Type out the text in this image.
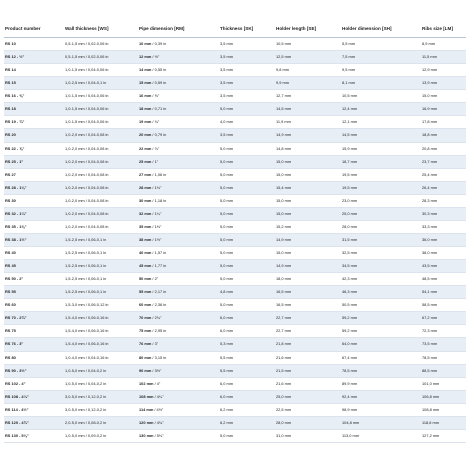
Product number	Wall thickness [WS]	Pipe dimension [RM]	Thickness [SK]	Holder length [SE]	Holder dimension [SH]	Ribs size [LM]
RS 10	0,5-1,5 mm / 0,02-0,06 in	10 mm / 0,39 in	3,5 mm	10,5 mm	5,5 mm	8,9 mm
RS 12 - ½"	0,5-1,5 mm / 0,02-0,06 in	12 mm / ½"	3,5 mm	12,5 mm	7,5 mm	11,5 mm
RS 14	1,0-1,5 mm / 0,04-0,06 in	14 mm / 0,55 in	3,5 mm	9,8 mm	9,5 mm	12,9 mm
RS 15	1,0-2,5 mm / 0,04-0,1 in	15 mm / 0,59 in	3,5 mm	9,9 mm	8,1 mm	13,9 mm
RS 16 - ⅝"	1,0-1,5 mm / 0,04-0,06 in	16 mm / ⅝"	3,5 mm	12,7 mm	10,5 mm	15,0 mm
RS 18	1,0-1,5 mm / 0,04-0,06 in	18 mm / 0,71 in	5,0 mm	14,5 mm	12,4 mm	16,9 mm
RS 19 - ¾"	1,0-1,5 mm / 0,04-0,06 in	19 mm / ¾"	4,0 mm	11,9 mm	12,1 mm	17,8 mm
RS 20	1,0-2,0 mm / 0,04-0,08 in	20 mm / 0,79 in	3,5 mm	14,9 mm	14,5 mm	18,8 mm
RS 22 - ⅞"	1,0-2,0 mm / 0,04-0,08 in	22 mm / ⅞"	5,0 mm	14,8 mm	15,9 mm	20,8 mm
RS 25 - 1"	1,0-2,0 mm / 0,04-0,08 in	25 mm / 1"	5,0 mm	15,0 mm	18,7 mm	23,7 mm
RS 27	1,0-2,0 mm / 0,04-0,08 in	27 mm / 1,06 in	5,0 mm	15,0 mm	19,5 mm	25,4 mm
RS 28 - 1⅛"	1,0-2,0 mm / 0,04-0,08 in	28 mm / 1⅛"	5,0 mm	15,4 mm	19,5 mm	26,4 mm
RS 30	1,0-2,0 mm / 0,04-0,08 in	30 mm / 1,18 in	5,0 mm	15,0 mm	23,0 mm	28,3 mm
RS 32 - 1¼"	1,0-2,0 mm / 0,04-0,08 in	32 mm / 1¼"	5,0 mm	15,0 mm	25,0 mm	30,3 mm
RS 35 - 1⅜"	1,0-2,0 mm / 0,04-0,08 in	35 mm / 1⅜"	5,0 mm	15,2 mm	28,0 mm	33,3 mm
RS 38 - 1½"	1,5-2,5 mm / 0,06-0,1 in	38 mm / 1½"	5,0 mm	14,9 mm	31,5 mm	36,0 mm
RS 40	1,5-2,5 mm / 0,06-0,1 in	40 mm / 1,57 in	5,0 mm	15,0 mm	32,5 mm	38,0 mm
RS 45	1,5-2,5 mm / 0,06-0,1 in	45 mm / 1,77 in	5,0 mm	14,9 mm	34,5 mm	43,5 mm
RS 50 - 2"	1,5-2,5 mm / 0,06-0,1 in	50 mm / 2"	5,0 mm	18,0 mm	42,3 mm	48,5 mm
RS 55	1,5-2,5 mm / 0,06-0,1 in	55 mm / 2,17 in	4,8 mm	16,5 mm	46,3 mm	54,1 mm
RS 60	1,5-3,0 mm / 0,06-0,12 in	60 mm / 2,36 in	5,0 mm	16,5 mm	50,5 mm	58,5 mm
RS 70 - 2¾"	1,5-4,0 mm / 0,06-0,16 in	70 mm / 2¾"	6,0 mm	22,7 mm	59,2 mm	67,2 mm
RS 75	1,5-4,0 mm / 0,06-0,16 in	75 mm / 2,95 in	6,0 mm	22,7 mm	59,2 mm	72,3 mm
RS 76 - 3"	1,5-4,0 mm / 0,06-0,16 in	76 mm / 3"	5,3 mm	21,8 mm	64,0 mm	73,5 mm
RS 80	1,0-4,0 mm / 0,04-0,16 in	80 mm / 3,15 in	5,5 mm	21,6 mm	67,4 mm	78,5 mm
RS 90 - 3½"	1,0-5,0 mm / 0,04-0,2 in	90 mm / 3½"	5,5 mm	21,5 mm	78,5 mm	88,5 mm
RS 102 - 4"	1,0-5,0 mm / 0,04-0,2 in	102 mm / 4"	6,0 mm	21,6 mm	89,9 mm	101,0 mm
RS 108 - 4¼"	3,0-5,0 mm / 0,12-0,2 in	108 mm / 4¼"	6,0 mm	25,0 mm	92,4 mm	106,8 mm
RS 114 - 4½"	3,0-5,0 mm / 0,12-0,2 in	114 mm / 4½"	6,2 mm	22,5 mm	98,9 mm	108,8 mm
RS 120 - 4¾"	2,0-5,0 mm / 0,08-0,2 in	120 mm / 4¾"	6,2 mm	28,0 mm	104,8 mm	118,6 mm
RS 130 - 5⅛"	1,0-5,0 mm / 0,09-0,2 in	130 mm / 5⅛"	5,0 mm	31,0 mm	113,0 mm	127,2 mm
